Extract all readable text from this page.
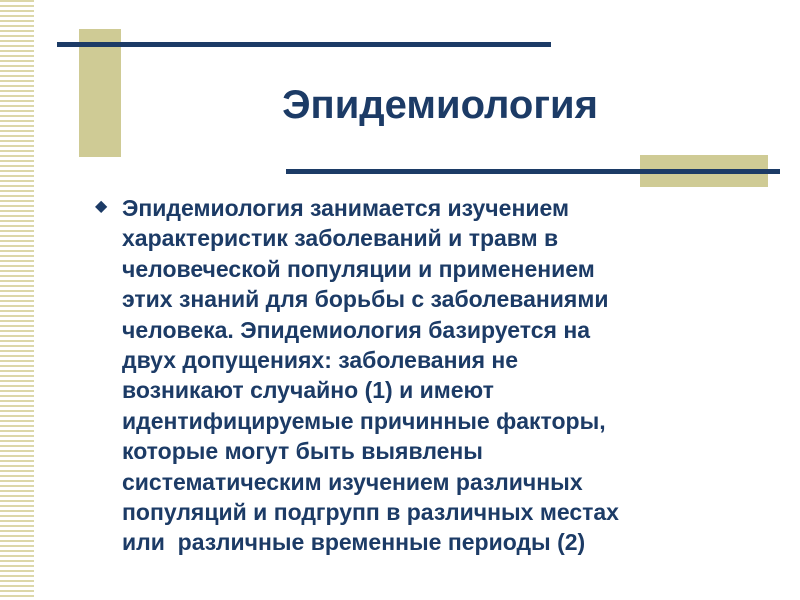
Эпидемиология
◆ Эпидемиология занимается изучением
характеристик заболеваний и травм в
человеческой популяции и применением
этих знаний для борьбы с заболеваниями
человека. Эпидемиология базируется на
двух допущениях: заболевания не
возникают случайно (1) и имеют
идентифицируемые причинные факторы,
которые могут быть выявлены
систематическим изучением различных
популяций и подгрупп в различных местах
или  различные временные периоды (2)
